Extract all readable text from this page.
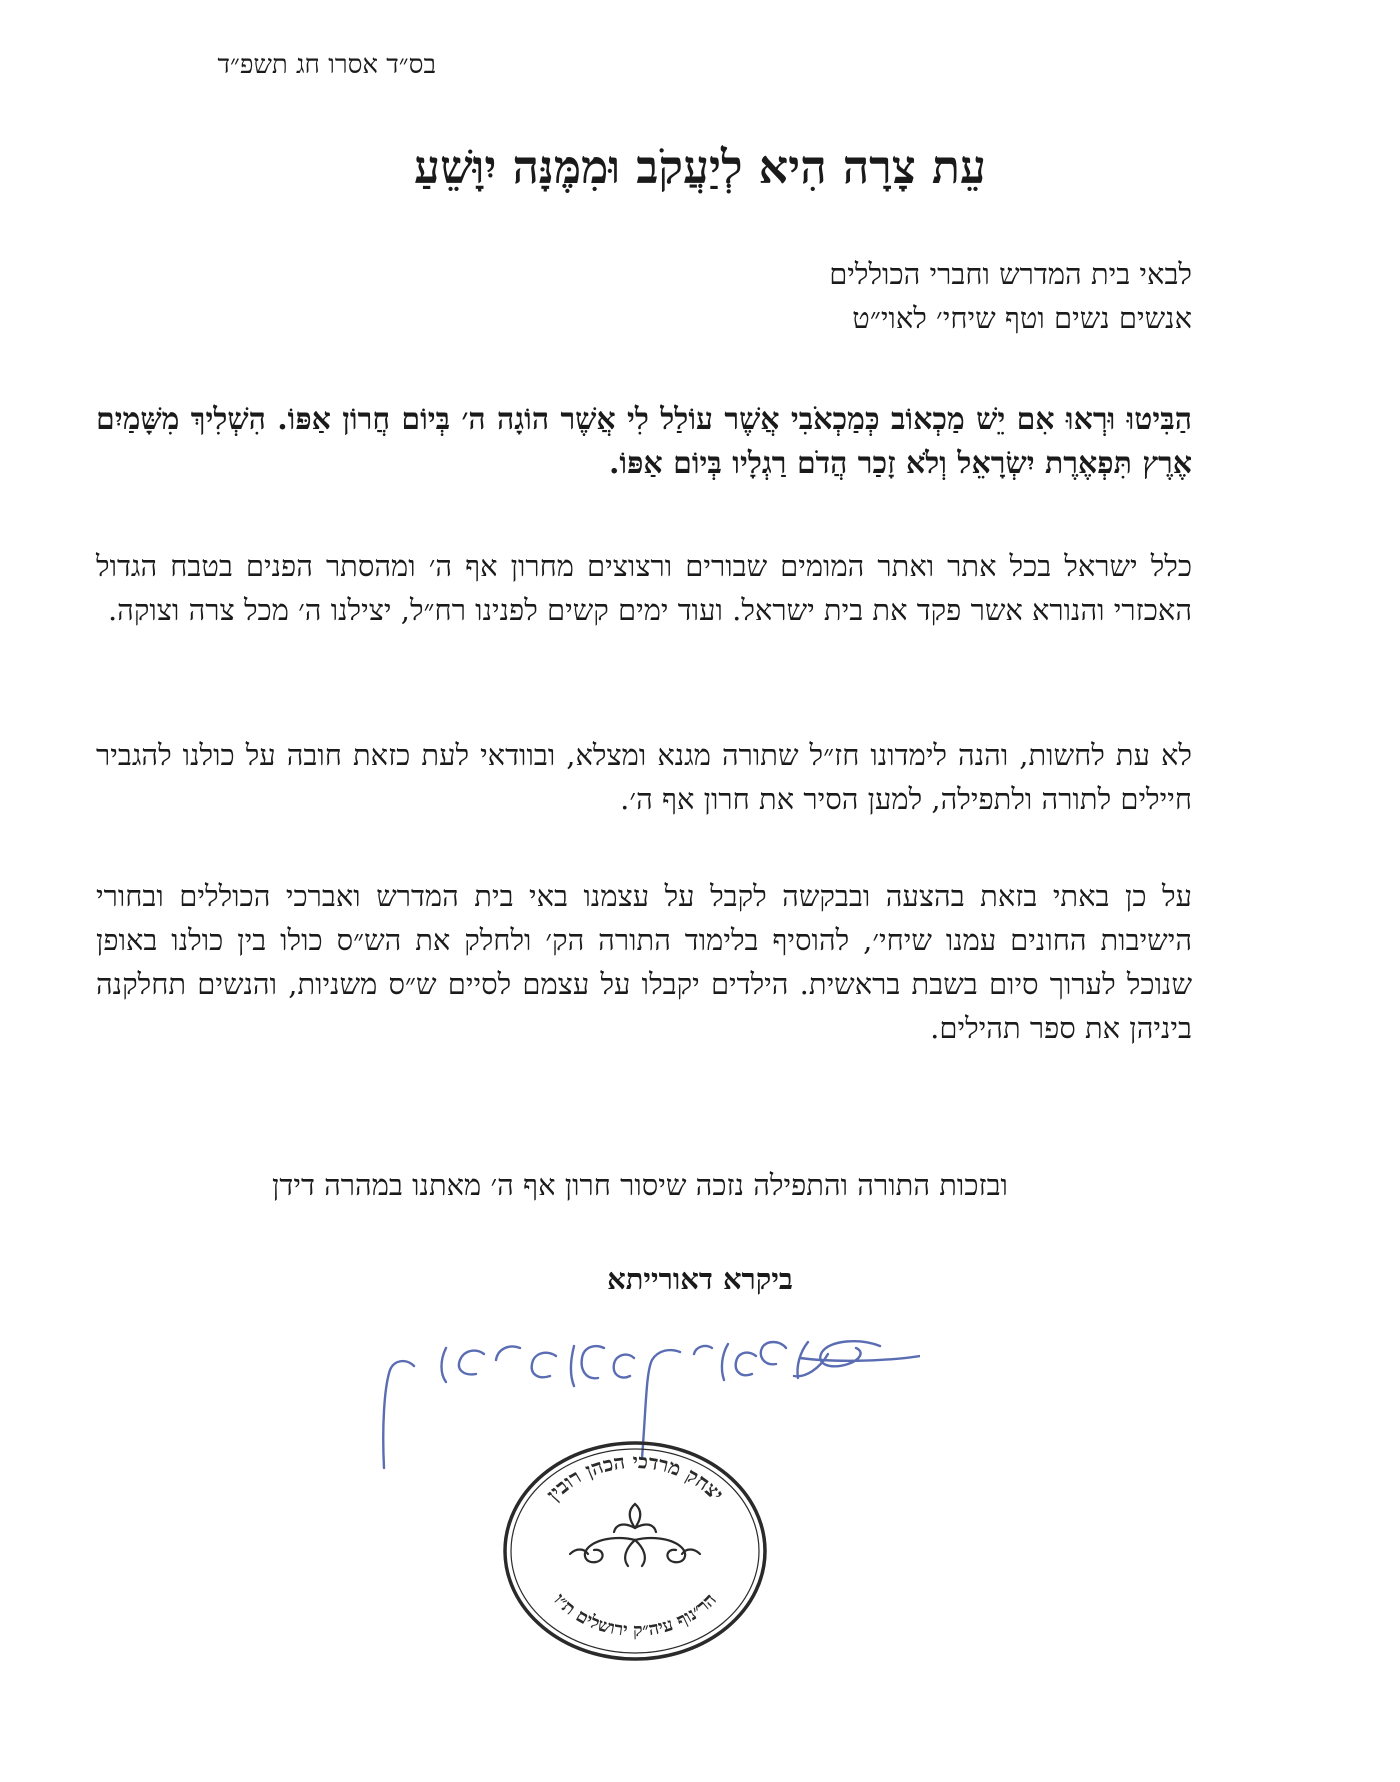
בס״ד אסרו חג תשפ״ד
עֵת צָרָה הִיא לְיַעֲקֹב וּמִמֶּנָּה יִוָּשֵׁעַ
לבאי בית המדרש וחברי הכוללים
אנשים נשים וטף שיחי׳ לאוי״ט
הַבִּיטוּ וּרְאוּ אִם יֵשׁ מַכְאוֹב כְּמַכְאֹבִי אֲשֶׁר עוֹלַל לִי אֲשֶׁר הוֹגָה ה׳ בְּיוֹם חֲרוֹן אַפּוֹ. הִשְׁלִיךְ מִשָּׁמַיִם אֶרֶץ תִּפְאֶרֶת יִשְׂרָאֵל וְלֹא זָכַר הֲדֹם רַגְלָיו בְּיוֹם אַפּוֹ.
כלל ישראל בכל אתר ואתר המומים שבורים ורצוצים מחרון אף ה׳ ומהסתר הפנים בטבח הגדול האכזרי והנורא אשר פקד את בית ישראל. ועוד ימים קשים לפנינו רח״ל, יצילנו ה׳ מכל צרה וצוקה.
לא עת לחשות, והנה לימדונו חז״ל שתורה מגנא ומצלא, ובוודאי לעת כזאת חובה על כולנו להגביר חיילים לתורה ולתפילה, למען הסיר את חרון אף ה׳.
על כן באתי בזאת בהצעה ובבקשה לקבל על עצמנו באי בית המדרש ואברכי הכוללים ובחורי הישיבות החונים עמנו שיחי׳, להוסיף בלימוד התורה הק׳ ולחלק את הש״ס כולו בין כולנו באופן שנוכל לערוך סיום בשבת בראשית. הילדים יקבלו על עצמם לסיים ש״ס משניות, והנשים תחלקנה ביניהן את ספר תהילים.
ובזכות התורה והתפילה נזכה שיסור חרון אף ה׳ מאתנו במהרה דידן
ביקרא דאורייתא
יצחק מרדכי הכהן רובין
הר״נוף עיה״ק ירושלים ת״ו
